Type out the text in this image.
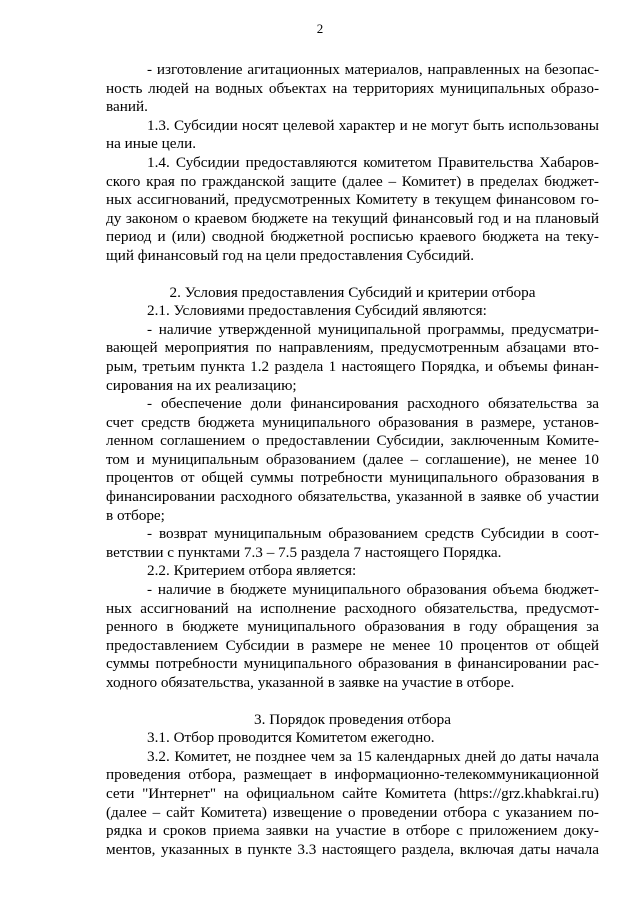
2
- изготовление агитационных материалов, направленных на безопас-
ность людей на водных объектах на территориях муниципальных образо-
ваний.
1.3. Субсидии носят целевой характер и не могут быть использованы
на иные цели.
1.4. Субсидии предоставляются комитетом Правительства Хабаров-
ского края по гражданской защите (далее – Комитет) в пределах бюджет-
ных ассигнований, предусмотренных Комитету в текущем финансовом го-
ду законом о краевом бюджете на текущий финансовый год и на плановый
период и (или) сводной бюджетной росписью краевого бюджета на теку-
щий финансовый год на цели предоставления Субсидий.
2. Условия предоставления Субсидий и критерии отбора
2.1. Условиями предоставления Субсидий являются:
- наличие утвержденной муниципальной программы, предусматри-
вающей мероприятия по направлениям, предусмотренным абзацами вто-
рым, третьим пункта 1.2 раздела 1 настоящего Порядка, и объемы финан-
сирования на их реализацию;
- обеспечение доли финансирования расходного обязательства за
счет средств бюджета муниципального образования в размере, установ-
ленном соглашением о предоставлении Субсидии, заключенным Комите-
том и муниципальным образованием (далее – соглашение), не менее 10
процентов от общей суммы потребности муниципального образования в
финансировании расходного обязательства, указанной в заявке об участии
в отборе;
- возврат муниципальным образованием средств Субсидии в соот-
ветствии с пунктами 7.3 – 7.5 раздела 7 настоящего Порядка.
2.2. Критерием отбора является:
- наличие в бюджете муниципального образования объема бюджет-
ных ассигнований на исполнение расходного обязательства, предусмот-
ренного в бюджете муниципального образования в году обращения за
предоставлением Субсидии в размере не менее 10 процентов от общей
суммы потребности муниципального образования в финансировании рас-
ходного обязательства, указанной в заявке на участие в отборе.
3. Порядок проведения отбора
3.1. Отбор проводится Комитетом ежегодно.
3.2. Комитет, не позднее чем за 15 календарных дней до даты начала
проведения отбора, размещает в информационно-телекоммуникационной
сети "Интернет" на официальном сайте Комитета (https://grz.khabkrai.ru)
(далее – сайт Комитета) извещение о проведении отбора с указанием по-
рядка и сроков приема заявки на участие в отборе с приложением доку-
ментов, указанных в пункте 3.3 настоящего раздела, включая даты начала
